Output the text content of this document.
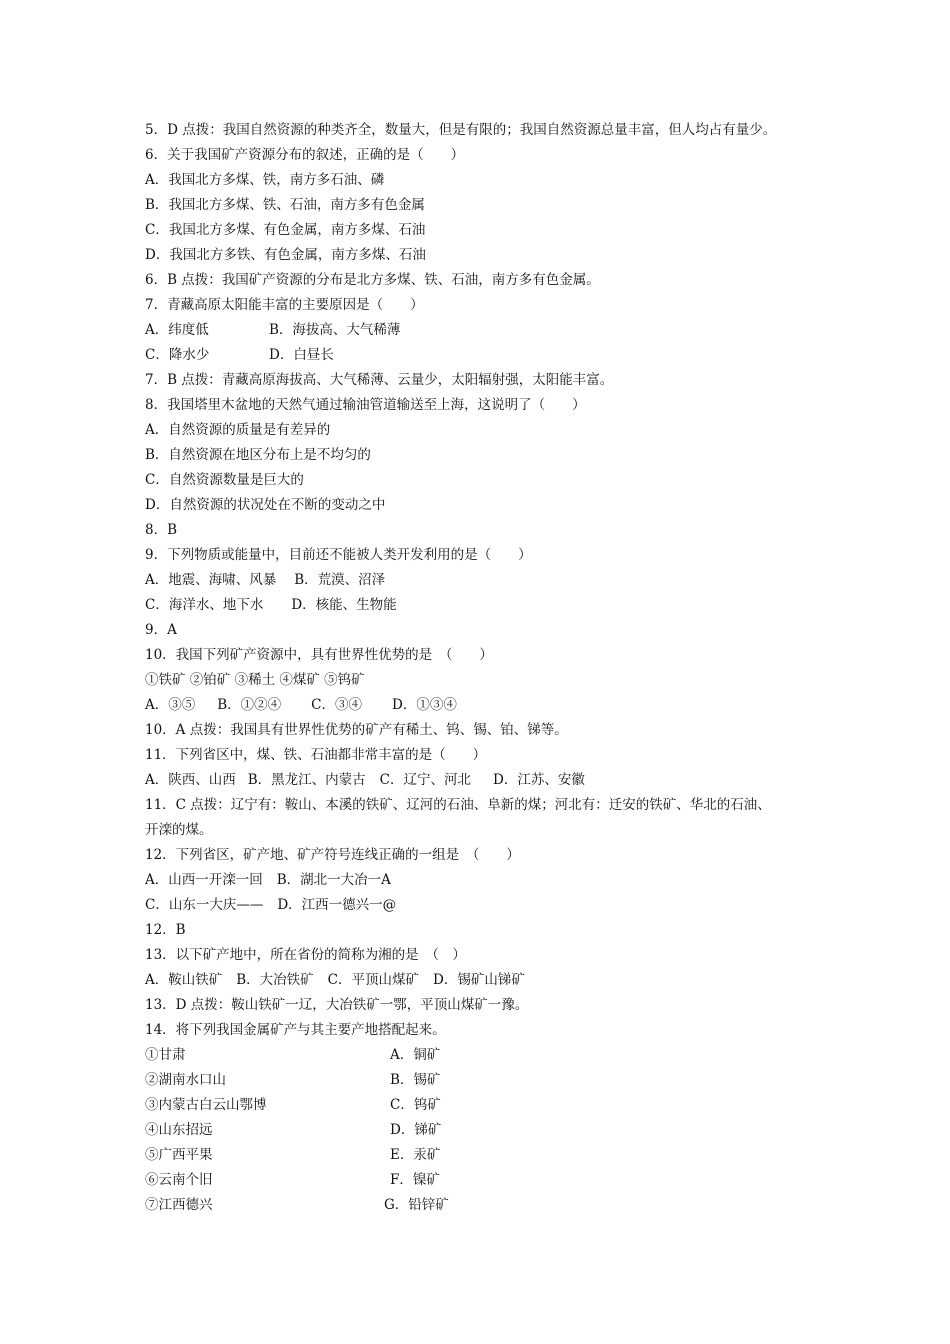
5．D 点拨：我国自然资源的种类齐全，数量大，但是有限的；我国自然资源总量丰富，但人均占有量少。
6．关于我国矿产资源分布的叙述，正确的是（　　）
A．我国北方多煤、铁，南方多石油、磷
B．我国北方多煤、铁、石油，南方多有色金属
C．我国北方多煤、有色金属，南方多煤、石油
D．我国北方多铁、有色金属，南方多煤、石油
6．B 点拨：我国矿产资源的分布是北方多煤、铁、石油，南方多有色金属。
7．青藏高原太阳能丰富的主要原因是（　　）
A．纬度低	B．海拔高、大气稀薄
C．降水少	D．白昼长
7．B 点拨：青藏高原海拔高、大气稀薄、云量少，太阳辐射强，太阳能丰富。
8．我国塔里木盆地的天然气通过输油管道输送至上海，这说明了（　　）
A．自然资源的质量是有差异的
B．自然资源在地区分布上是不均匀的
C．自然资源数量是巨大的
D．自然资源的状况处在不断的变动之中
8．B
9．下列物质或能量中，目前还不能被人类开发利用的是（　　）
A．地震、海啸、风暴 B．荒漠、沼泽
C．海洋水、地下水 D．核能、生物能
9．A
10．我国下列矿产资源中，具有世界性优势的是　（　　）
①铁矿 ②铂矿 ③稀土 ④煤矿 ⑤钨矿
A．③⑤ B．①②④ C．③④ D．①③④
10．A 点拨：我国具有世界性优势的矿产有稀土、钨、锡、铂、锑等。
11．下列省区中，煤、铁、石油都非常丰富的是（　　）
A．陕西、山西 B．黑龙江、内蒙古 C．辽宁、河北 D．江苏、安徽
11．C 点拨：辽宁有：鞍山、本溪的铁矿、辽河的石油、阜新的煤；河北有：迁安的铁矿、华北的石油、
开滦的煤。
12．下列省区，矿产地、矿产符号连线正确的一组是　（　　）
A．山西一开滦一回 B．湖北一大冶一A
C．山东一大庆—— D．江西一德兴一@
12．B
13．以下矿产地中，所在省份的简称为湘的是　（　）
A．鞍山铁矿 B．大冶铁矿 C．平顶山煤矿 D．锡矿山锑矿
13．D 点拨：鞍山铁矿一辽，大冶铁矿一鄂，平顶山煤矿一豫。
14．将下列我国金属矿产与其主要产地搭配起来。
①甘肃	A．铜矿
②湖南水口山	B．锡矿
③内蒙古白云山鄂博	C．钨矿
④山东招远	D．锑矿
⑤广西平果	E．汞矿
⑥云南个旧	F．镍矿
⑦江西德兴	G．铅锌矿
